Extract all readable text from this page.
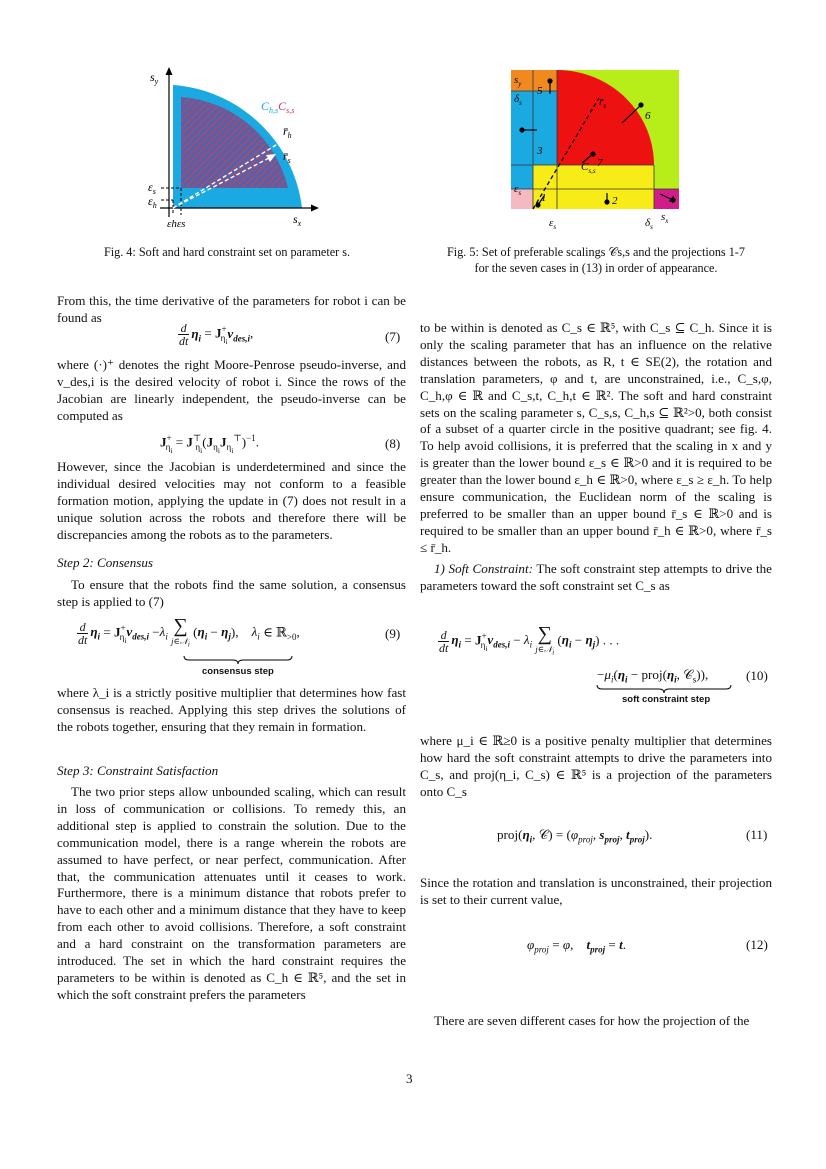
$s_y$
$s_x$
$C_{h,s}C_{s,s}$
$r̄_h$
$r̄_s$
$\varepsilon_s$
$\varepsilon_h$
εhεs
Fig. 4: Soft and hard constraint set on parameter s.
1	2
3
4
5
6
7
$s_y$
$\delta_s$
$\varepsilon_s$
$r̄_s$
$C_{s,s}$
$\varepsilon_s$	$\delta_s$
$s_x$
Fig. 5: Set of preferable scalings 𝒞s,s and the projections 1-7
for the seven cases in (13) in order of appearance.

From this, the time derivative of the parameters for robot i can be found as

$\frac{d}{dt} \eta_i = J^+_{\eta_i}v_{des,i}$,	(7)

where (·)⁺ denotes the right Moore-Penrose pseudo-inverse, and v_des,i is the desired velocity of robot i. Since the rows of the Jacobian are linearly independent, the pseudo-inverse can be computed as

$J^+_{\eta_i} = J^⊤_{\eta_i}(J_{\eta_i}J_{\eta_i}^⊤)^{-1}$.	(8)

However, since the Jacobian is underdetermined and since the individual desired velocities may not conform to a feasible formation motion, applying the update in (7) does not result in a unique solution across the robots and therefore there will be discrepancies among the robots as to the parameters.

Step 2: Consensus

To ensure that the robots find the same solution, a consensus step is applied to (7)

$\frac{d}{dt} \eta_i = J^+_{\eta_i}v_{des,i} -\lambda_i$ ∑
j∈𝒩$_i$
$(\eta_i - \eta_j)$,    $\lambda_i$ ∈ ℝ$_{>0}$,
consensus step
(9)

where λ_i is a strictly positive multiplier that determines how fast consensus is reached. Applying this step drives the solutions of the robots together, ensuring that they remain in formation.

Step 3: Constraint Satisfaction

The two prior steps allow unbounded scaling, which can result in loss of communication or collisions. To remedy this, an additional step is applied to constrain the solution. Due to the communication model, there is a range wherein the robots are assumed to have perfect, or near perfect, communication. After that, the communication attenuates until it ceases to work. Furthermore, there is a minimum distance that robots prefer to have to each other and a minimum distance that they have to keep from each other to avoid collisions. Therefore, a soft constraint and a hard constraint on the transformation parameters are introduced. The set in which the hard constraint requires the parameters to be within is denoted as C_h ∈ ℝ⁵, and the set in which the soft constraint prefers the parameters

to be within is denoted as C_s ∈ ℝ⁵, with C_s ⊆ C_h. Since it is only the scaling parameter that has an influence on the relative distances between the robots, as R, t ∈ SE(2), the rotation and translation parameters, φ and t, are unconstrained, i.e., C_s,φ, C_h,φ ∈ ℝ and C_s,t, C_h,t ∈ ℝ². The soft and hard constraint sets on the scaling parameter s, C_s,s, C_h,s ⊆ ℝ²>0, both consist of a subset of a quarter circle in the positive quadrant; see fig. 4. To help avoid collisions, it is preferred that the scaling in x and y is greater than the lower bound ε_s ∈ ℝ>0 and it is required to be greater than the lower bound ε_h ∈ ℝ>0, where ε_s ≥ ε_h. To help ensure communication, the Euclidean norm of the scaling is preferred to be smaller than an upper bound r̄_s ∈ ℝ>0 and is required to be smaller than an upper bound r̄_h ∈ ℝ>0, where r̄_s ≤ r̄_h.

1) Soft Constraint: The soft constraint step attempts to drive the parameters toward the soft constraint set C_s as

$\frac{d}{dt} \eta_i = J^+_{\eta_i}v_{des,i} - \lambda_i$ ∑
j∈𝒩$_i$
$(\eta_i - \eta_j)$ . . .
$-\mu_i(\eta_i$ − $proj(\eta_i$, 𝒞$_s$)),
soft constraint step
(10)

where μ_i ∈ ℝ≥0 is a positive penalty multiplier that determines how hard the soft constraint attempts to drive the parameters into C_s, and proj(η_i, C_s) ∈ ℝ⁵ is a projection of the parameters onto C_s

$proj(\eta_i$, 𝒞) = ($\varphi_{proj}$, $s_{proj}$, $t_{proj}$).	(11)

Since the rotation and translation is unconstrained, their projection is set to their current value,

$\varphi_{proj} = \varphi$,    $t_{proj} = t$.	(12)

There are seven different cases for how the projection of the

3
